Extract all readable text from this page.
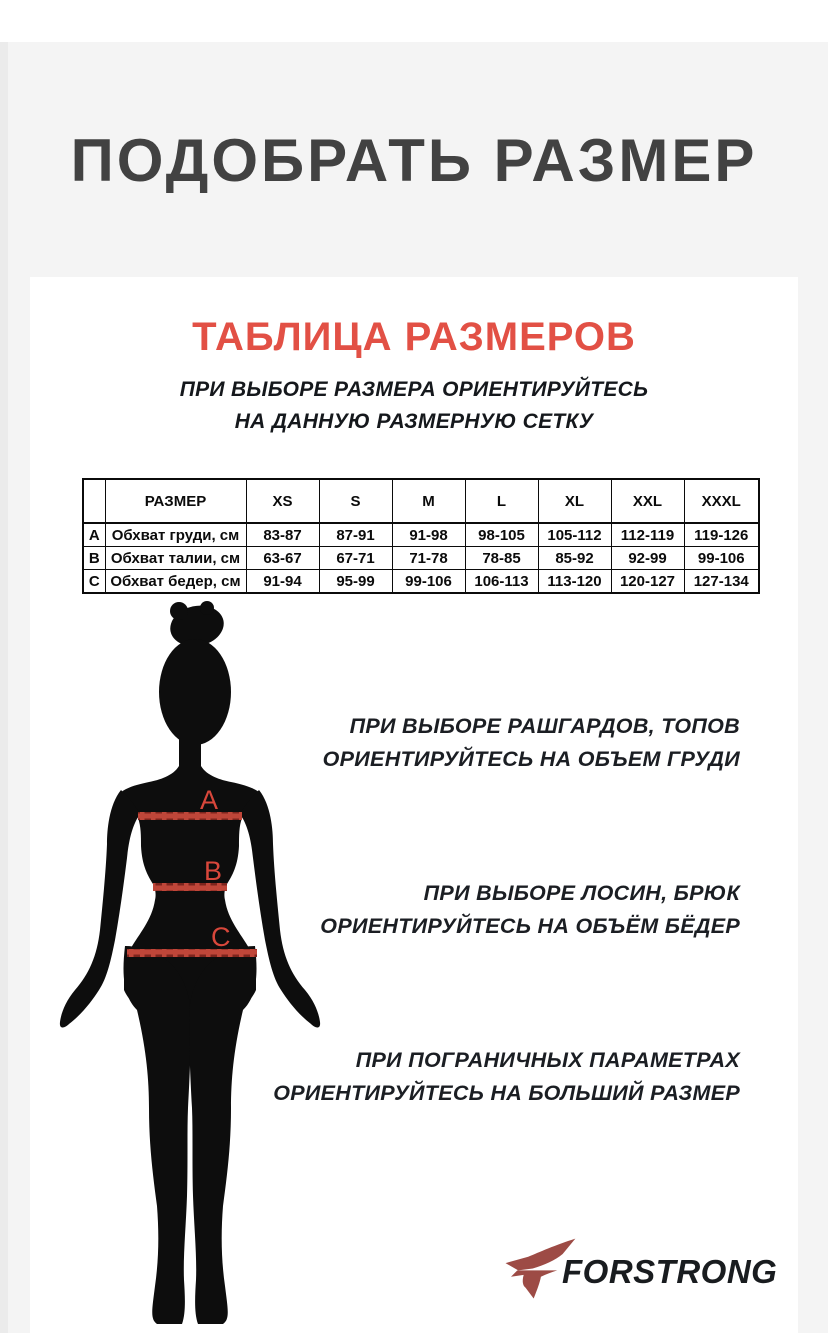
ПОДОБРАТЬ РАЗМЕР
ТАБЛИЦА РАЗМЕРОВ
ПРИ ВЫБОРЕ РАЗМЕРА ОРИЕНТИРУЙТЕСЬ
НА ДАННУЮ РАЗМЕРНУЮ СЕТКУ
	РАЗМЕР	XS	S	M	L	XL	XXL	XXXL
A	Обхват груди, см	83-87	87-91	91-98	98-105	105-112	112-119	119-126
B	Обхват талии, см	63-67	67-71	71-78	78-85	85-92	92-99	99-106
C	Обхват бедер, см	91-94	95-99	99-106	106-113	113-120	120-127	127-134
A
B
C
ПРИ ВЫБОРЕ РАШГАРДОВ, ТОПОВ
ОРИЕНТИРУЙТЕСЬ НА ОБЪЕМ ГРУДИ
ПРИ ВЫБОРЕ ЛОСИН, БРЮК
ОРИЕНТИРУЙТЕСЬ НА ОБЪЁМ БЁДЕР
ПРИ ПОГРАНИЧНЫХ ПАРАМЕТРАХ
ОРИЕНТИРУЙТЕСЬ НА БОЛЬШИЙ РАЗМЕР
FORSTRONG
